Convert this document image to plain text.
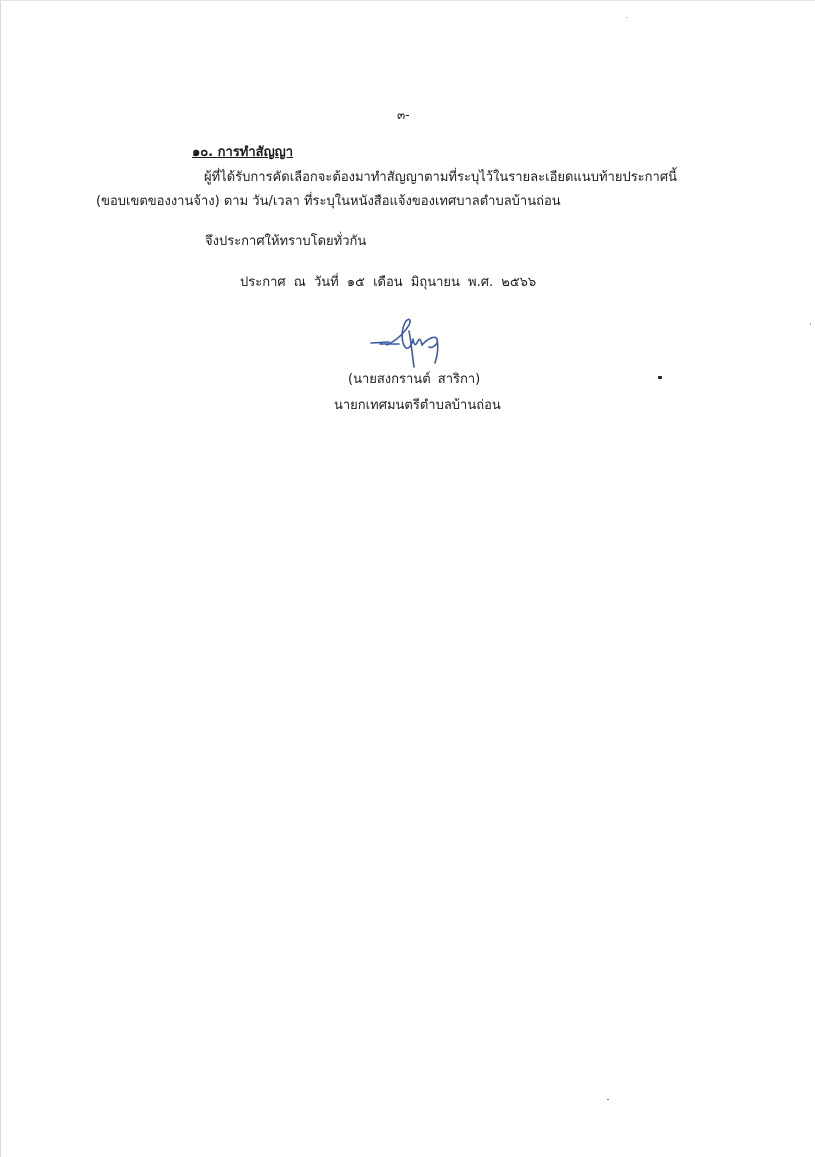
๓-
๑๐. การทำสัญญา
ผู้ที่ได้รับการคัดเลือกจะต้องมาทำสัญญาตามที่ระบุไว้ในรายละเอียดแนบท้ายประกาศนี้
(ขอบเขตของงานจ้าง) ตาม วัน/เวลา ที่ระบุในหนังสือแจ้งของเทศบาลตำบลบ้านถ่อน
จึงประกาศให้ทราบโดยทั่วกัน
ประกาศ ณ วันที่ ๑๕ เดือน มิถุนายน พ.ศ. ๒๕๖๖
(นายสงกรานต์ สาริกา)
นายกเทศมนตรีตำบลบ้านถ่อน
